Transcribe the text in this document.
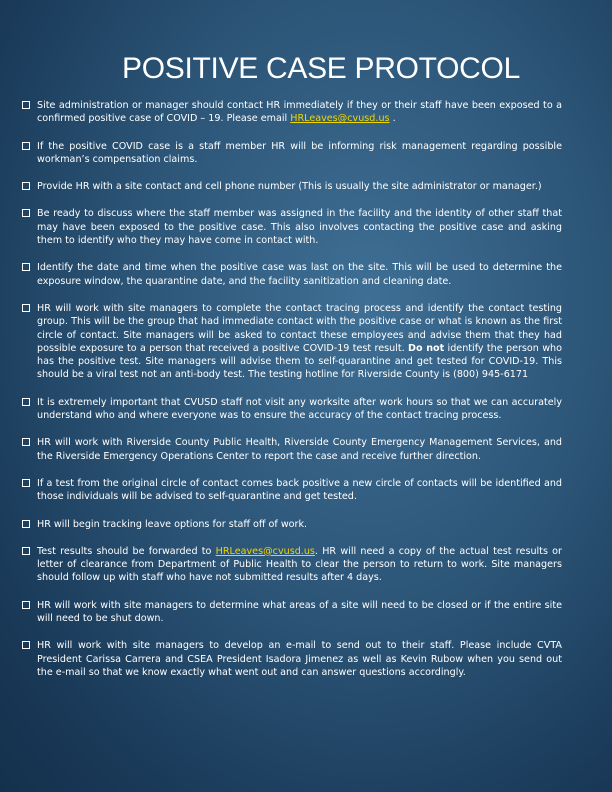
POSITIVE CASE PROTOCOL
Site administration or manager should contact HR immediately if they or their staff have been exposed to a confirmed positive case of COVID – 19. Please email HRLeaves@cvusd.us .
If the positive COVID case is a staff member HR will be informing risk management regarding possible workman’s compensation claims.
Provide HR with a site contact and cell phone number (This is usually the site administrator or manager.)
Be ready to discuss where the staff member was assigned in the facility and the identity of other staff that may have been exposed to the positive case. This also involves contacting the positive case and asking them to identify who they may have come in contact with.
Identify the date and time when the positive case was last on the site. This will be used to determine the exposure window, the quarantine date, and the facility sanitization and cleaning date.
HR will work with site managers to complete the contact tracing process and identify the contact testing group. This will be the group that had immediate contact with the positive case or what is known as the first circle of contact. Site managers will be asked to contact these employees and advise them that they had possible exposure to a person that received a positive COVID-19 test result. Do not identify the person who has the positive test. Site managers will advise them to self-quarantine and get tested for COVID-19. This should be a viral test not an anti-body test. The testing hotline for Riverside County is (800) 945-6171
It is extremely important that CVUSD staff not visit any worksite after work hours so that we can accurately understand who and where everyone was to ensure the accuracy of the contact tracing process.
HR will work with Riverside County Public Health, Riverside County Emergency Management Services, and the Riverside Emergency Operations Center to report the case and receive further direction.
If a test from the original circle of contact comes back positive a new circle of contacts will be identified and those individuals will be advised to self-quarantine and get tested.
HR will begin tracking leave options for staff off of work.
Test results should be forwarded to HRLeaves@cvusd.us. HR will need a copy of the actual test results or letter of clearance from Department of Public Health to clear the person to return to work. Site managers should follow up with staff who have not submitted results after 4 days.
HR will work with site managers to determine what areas of a site will need to be closed or if the entire site will need to be shut down.
HR will work with site managers to develop an e-mail to send out to their staff. Please include CVTA President Carissa Carrera and CSEA President Isadora Jimenez as well as Kevin Rubow when you send out the e-mail so that we know exactly what went out and can answer questions accordingly.
